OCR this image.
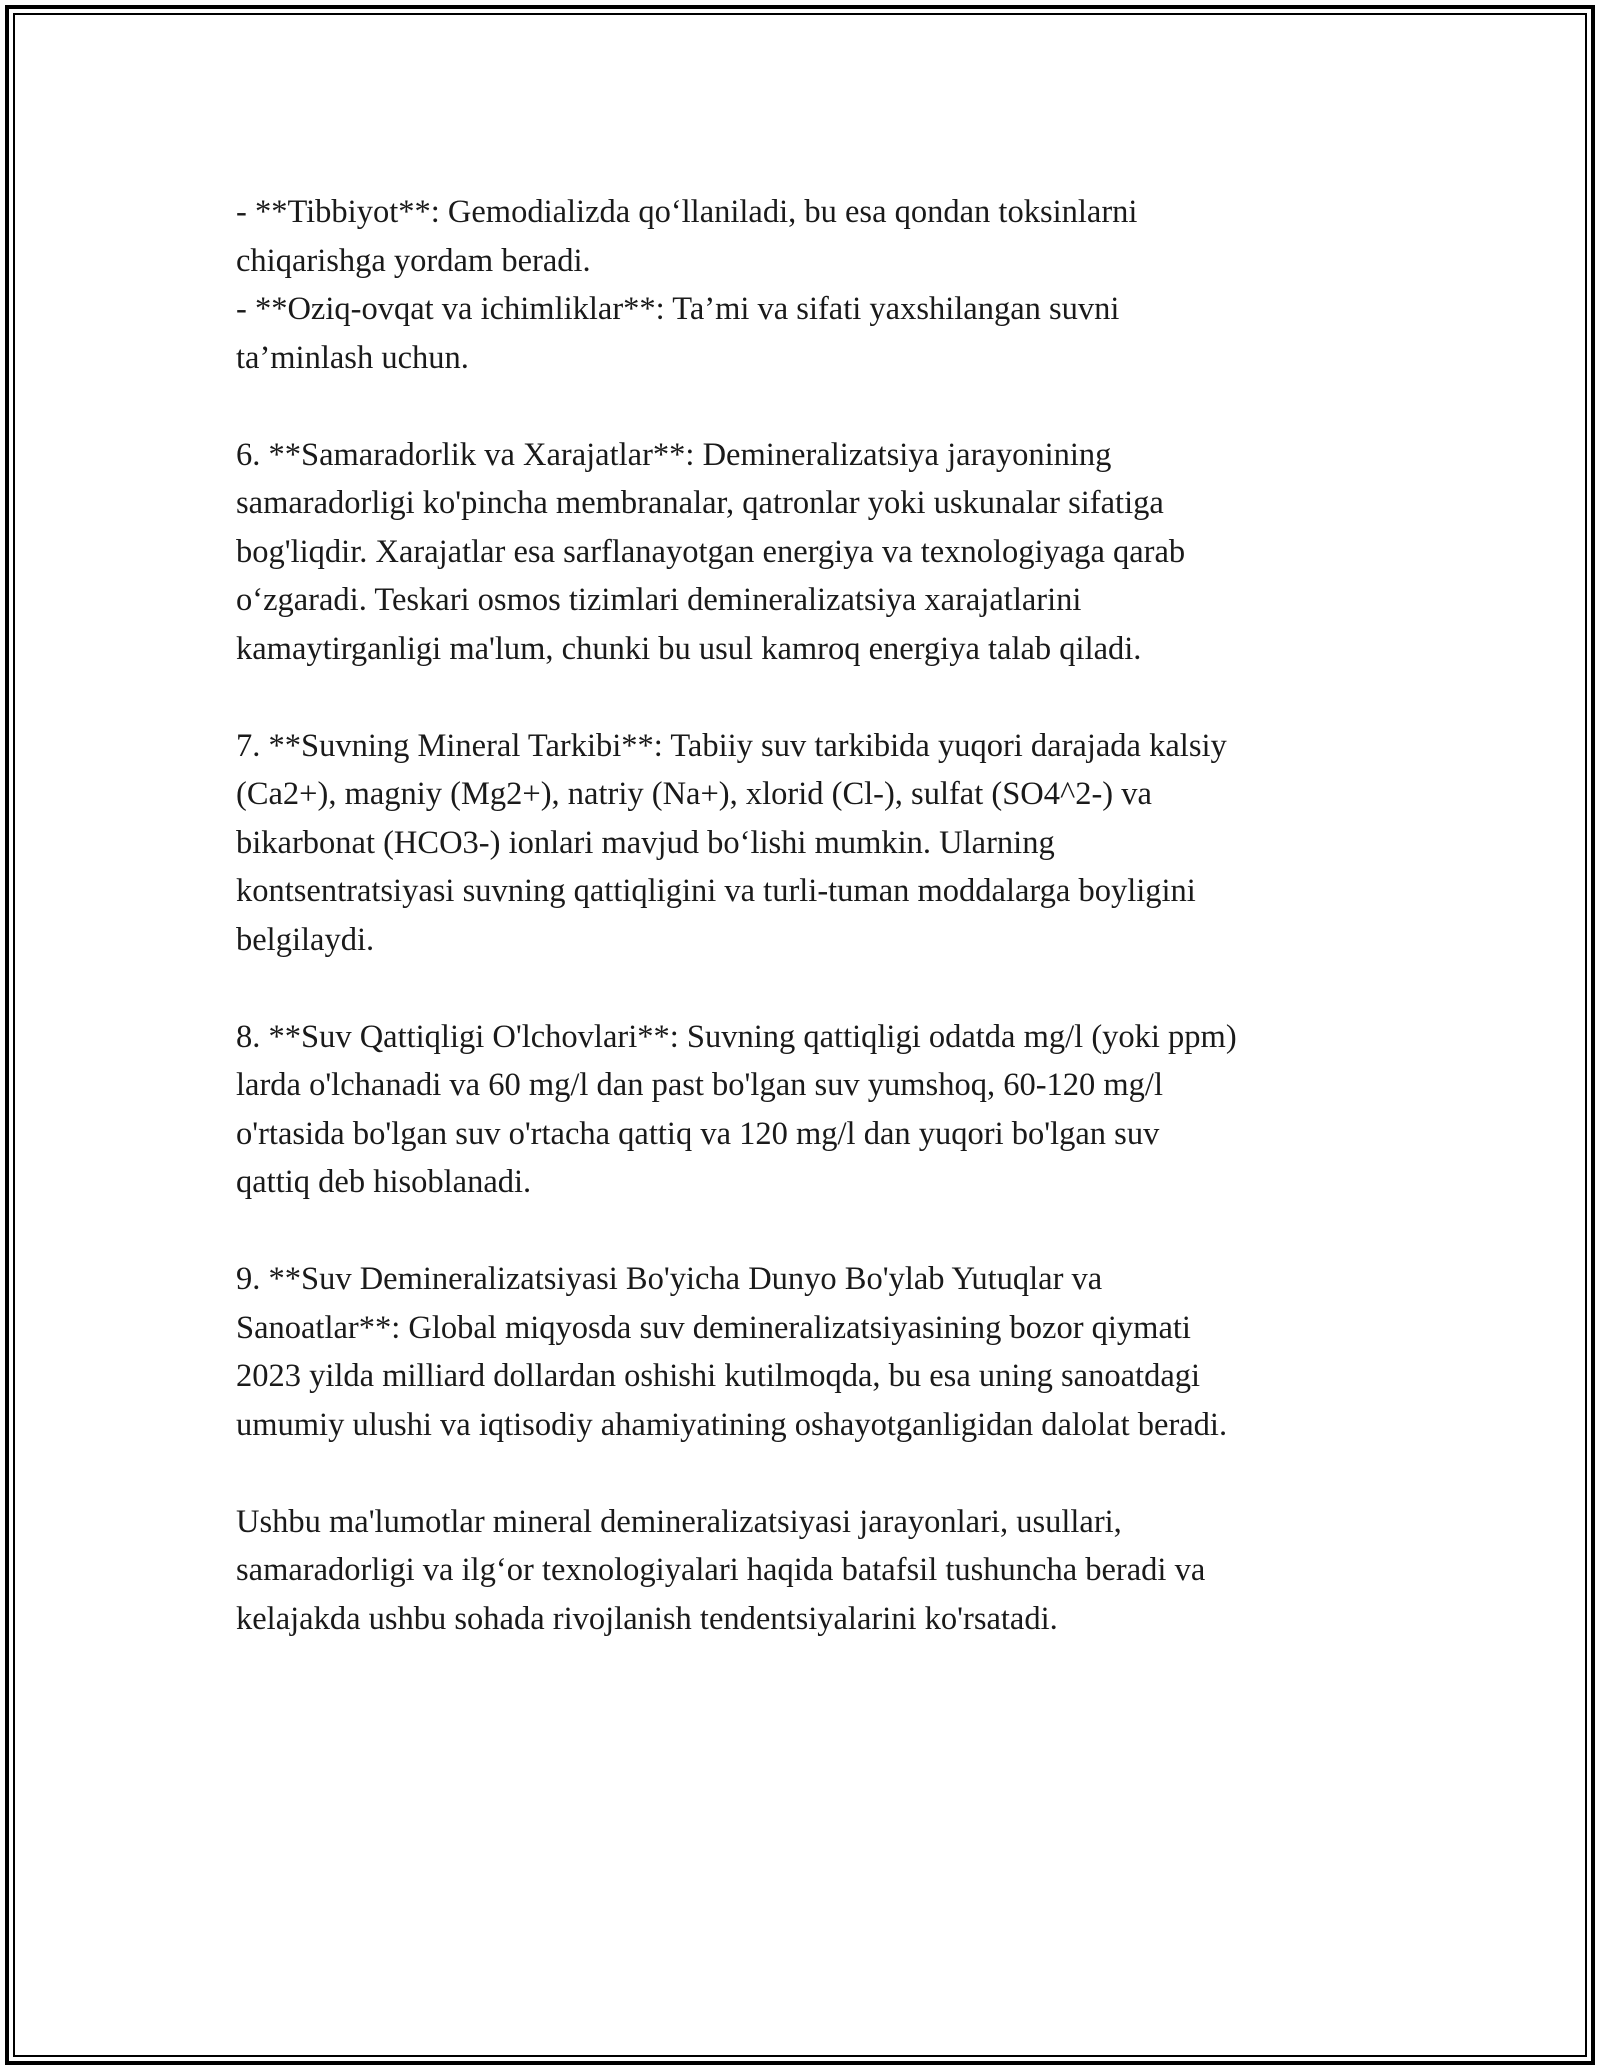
- **Tibbiyot**: Gemodializda qo‘llaniladi, bu esa qondan toksinlarni
chiqarishga yordam beradi.

- **Oziq-ovqat va ichimliklar**: Ta’mi va sifati yaxshilangan suvni
ta’minlash uchun.

6. **Samaradorlik va Xarajatlar**: Demineralizatsiya jarayonining
samaradorligi ko'pincha membranalar, qatronlar yoki uskunalar sifatiga
bog'liqdir. Xarajatlar esa sarflanayotgan energiya va texnologiyaga qarab
o‘zgaradi. Teskari osmos tizimlari demineralizatsiya xarajatlarini
kamaytirganligi ma'lum, chunki bu usul kamroq energiya talab qiladi.

7. **Suvning Mineral Tarkibi**: Tabiiy suv tarkibida yuqori darajada kalsiy
(Ca2+), magniy (Mg2+), natriy (Na+), xlorid (Cl-), sulfat (SO4^2-) va
bikarbonat (HCO3-) ionlari mavjud bo‘lishi mumkin. Ularning
kontsentratsiyasi suvning qattiqligini va turli-tuman moddalarga boyligini
belgilaydi.

8. **Suv Qattiqligi O'lchovlari**: Suvning qattiqligi odatda mg/l (yoki ppm)
larda o'lchanadi va 60 mg/l dan past bo'lgan suv yumshoq, 60-120 mg/l
o'rtasida bo'lgan suv o'rtacha qattiq va 120 mg/l dan yuqori bo'lgan suv
qattiq deb hisoblanadi.

9. **Suv Demineralizatsiyasi Bo'yicha Dunyo Bo'ylab Yutuqlar va
Sanoatlar**: Global miqyosda suv demineralizatsiyasining bozor qiymati
2023 yilda milliard dollardan oshishi kutilmoqda, bu esa uning sanoatdagi
umumiy ulushi va iqtisodiy ahamiyatining oshayotganligidan dalolat beradi.

Ushbu ma'lumotlar mineral demineralizatsiyasi jarayonlari, usullari,
samaradorligi va ilg‘or texnologiyalari haqida batafsil tushuncha beradi va
kelajakda ushbu sohada rivojlanish tendentsiyalarini ko'rsatadi.
